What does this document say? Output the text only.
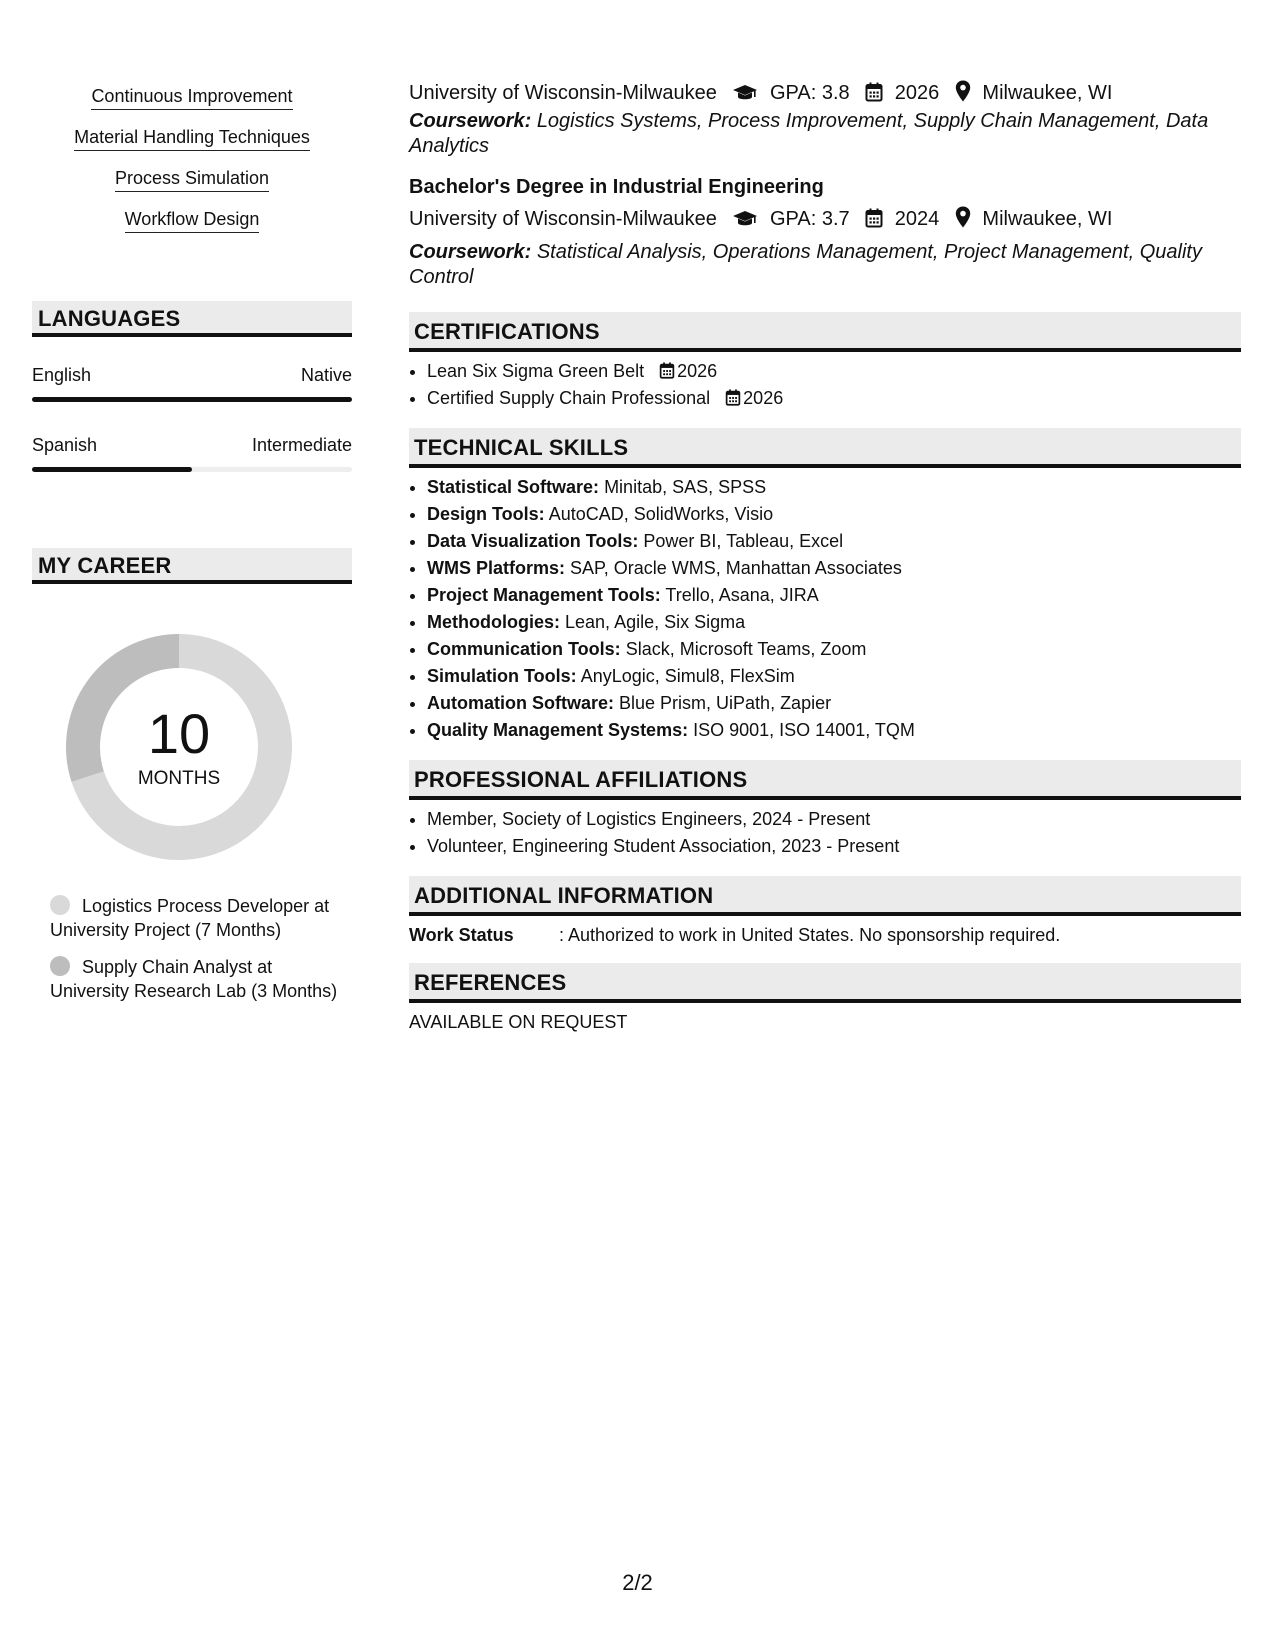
Continuous Improvement
Material Handling Techniques
Process Simulation
Workflow Design
LANGUAGES
English	Native
Spanish	Intermediate
MY CAREER
10
MONTHS
Logistics Process Developer at University Project (7 Months)
Supply Chain Analyst at University Research Lab (3 Months)
University of Wisconsin-Milwaukee	GPA: 3.8 2026 Milwaukee, WI
Coursework: Logistics Systems, Process Improvement, Supply Chain Management, Data Analytics
Bachelor's Degree in Industrial Engineering
University of Wisconsin-Milwaukee	GPA: 3.7 2024 Milwaukee, WI
Coursework: Statistical Analysis, Operations Management, Project Management, Quality Control
CERTIFICATIONS
• Lean Six Sigma Green Belt 2026
• Certified Supply Chain Professional 2026
TECHNICAL SKILLS
• Statistical Software: Minitab, SAS, SPSS
• Design Tools: AutoCAD, SolidWorks, Visio
• Data Visualization Tools: Power BI, Tableau, Excel
• WMS Platforms: SAP, Oracle WMS, Manhattan Associates
• Project Management Tools: Trello, Asana, JIRA
• Methodologies: Lean, Agile, Six Sigma
• Communication Tools: Slack, Microsoft Teams, Zoom
• Simulation Tools: AnyLogic, Simul8, FlexSim
• Automation Software: Blue Prism, UiPath, Zapier
• Quality Management Systems: ISO 9001, ISO 14001, TQM
PROFESSIONAL AFFILIATIONS
• Member, Society of Logistics Engineers, 2024 - Present
• Volunteer, Engineering Student Association, 2023 - Present
ADDITIONAL INFORMATION
Work Status	: Authorized to work in United States. No sponsorship required.
REFERENCES
AVAILABLE ON REQUEST
2/2
